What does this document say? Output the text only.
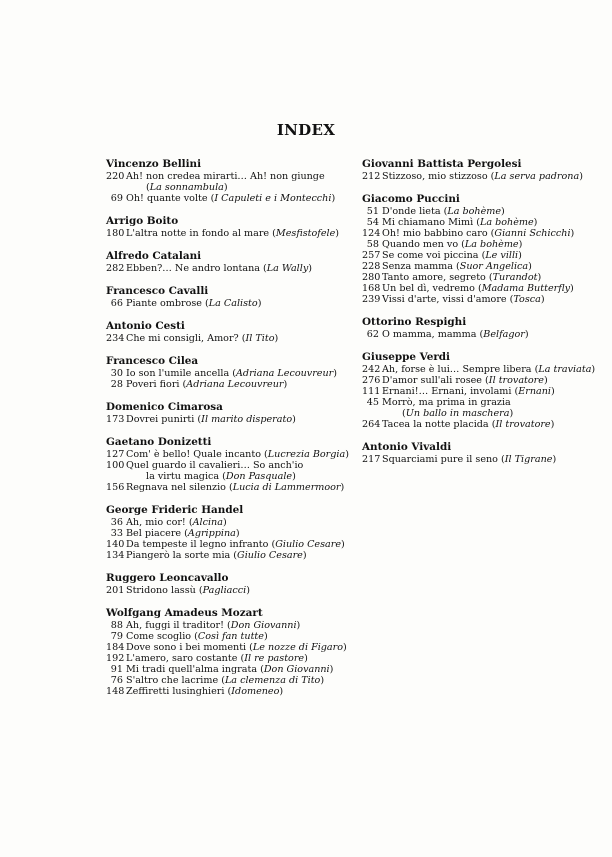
INDEX
Vincenzo Bellini
220 Ah! non credea mirarti… Ah! non giunge
(La sonnambula)
69 Oh! quante volte (I Capuleti e i Montecchi)
Arrigo Boito
180 L'altra notte in fondo al mare (Mesfistofele)
Alfredo Catalani
282 Ebben?… Ne andro lontana (La Wally)
Francesco Cavalli
66 Piante ombrose (La Calisto)
Antonio Cesti
234 Che mi consigli, Amor? (Il Tito)
Francesco Cilea
30 Io son l'umile ancella (Adriana Lecouvreur)
28 Poveri fiori (Adriana Lecouvreur)
Domenico Cimarosa
173 Dovrei punirti (Il marito disperato)
Gaetano Donizetti
127 Com' è bello! Quale incanto (Lucrezia Borgia)
100 Quel guardo il cavalieri… So anch'io
la virtu magica (Don Pasquale)
156 Regnava nel silenzio (Lucia di Lammermoor)
George Frideric Handel
36 Ah, mio cor! (Alcina)
33 Bel piacere (Agrippina)
140 Da tempeste il legno infranto (Giulio Cesare)
134 Piangerò la sorte mia (Giulio Cesare)
Ruggero Leoncavallo
201 Stridono lassù (Pagliacci)
Wolfgang Amadeus Mozart
88 Ah, fuggi il traditor! (Don Giovanni)
79 Come scoglio (Così fan tutte)
184 Dove sono i bei momenti (Le nozze di Figaro)
192 L'amero, saro costante (Il re pastore)
91 Mi tradi quell'alma ingrata (Don Giovanni)
76 S'altro che lacrime (La clemenza di Tito)
148 Zeffiretti lusinghieri (Idomeneo)
Giovanni Battista Pergolesi
212 Stizzoso, mio stizzoso (La serva padrona)
Giacomo Puccini
51 D'onde lieta (La bohème)
54 Mi chiamano Mimì (La bohème)
124 Oh! mio babbino caro (Gianni Schicchi)
58 Quando men vo (La bohème)
257 Se come voi piccina (Le villi)
228 Senza mamma (Suor Angelica)
280 Tanto amore, segreto (Turandot)
168 Un bel dì, vedremo (Madama Butterfly)
239 Vissi d'arte, vissi d'amore (Tosca)
Ottorino Respighi
62 O mamma, mamma (Belfagor)
Giuseppe Verdi
242 Ah, forse è lui… Sempre libera (La traviata)
276 D'amor sull'ali rosee (Il trovatore)
111 Ernani!… Ernani, involami (Ernani)
45 Morrò, ma prima in grazia
(Un ballo in maschera)
264 Tacea la notte placida (Il trovatore)
Antonio Vivaldi
217 Squarciami pure il seno (Il Tigrane)
